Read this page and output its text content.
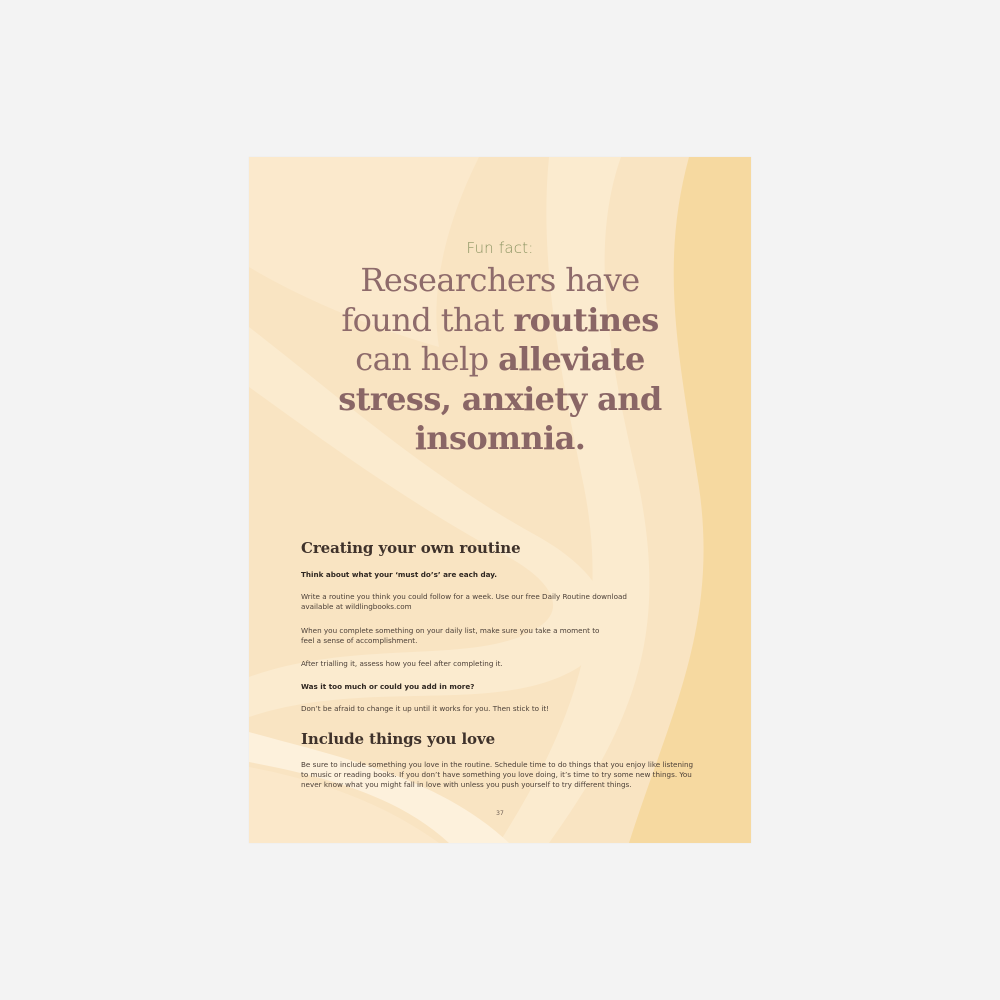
Fun fact:
Researchers have
found that routines
can help alleviate
stress, anxiety and
insomnia.
Creating your own routine
Think about what your ‘must do’s’ are each day.
Write a routine you think you could follow for a week. Use our free Daily Routine download
available at wildlingbooks.com
When you complete something on your daily list, make sure you take a moment to
feel a sense of accomplishment.
After trialling it, assess how you feel after completing it.
Was it too much or could you add in more?
Don’t be afraid to change it up until it works for you. Then stick to it!
Include things you love
Be sure to include something you love in the routine. Schedule time to do things that you enjoy like listening
to music or reading books. If you don’t have something you love doing, it’s time to try some new things. You
never know what you might fall in love with unless you push yourself to try different things.
37
